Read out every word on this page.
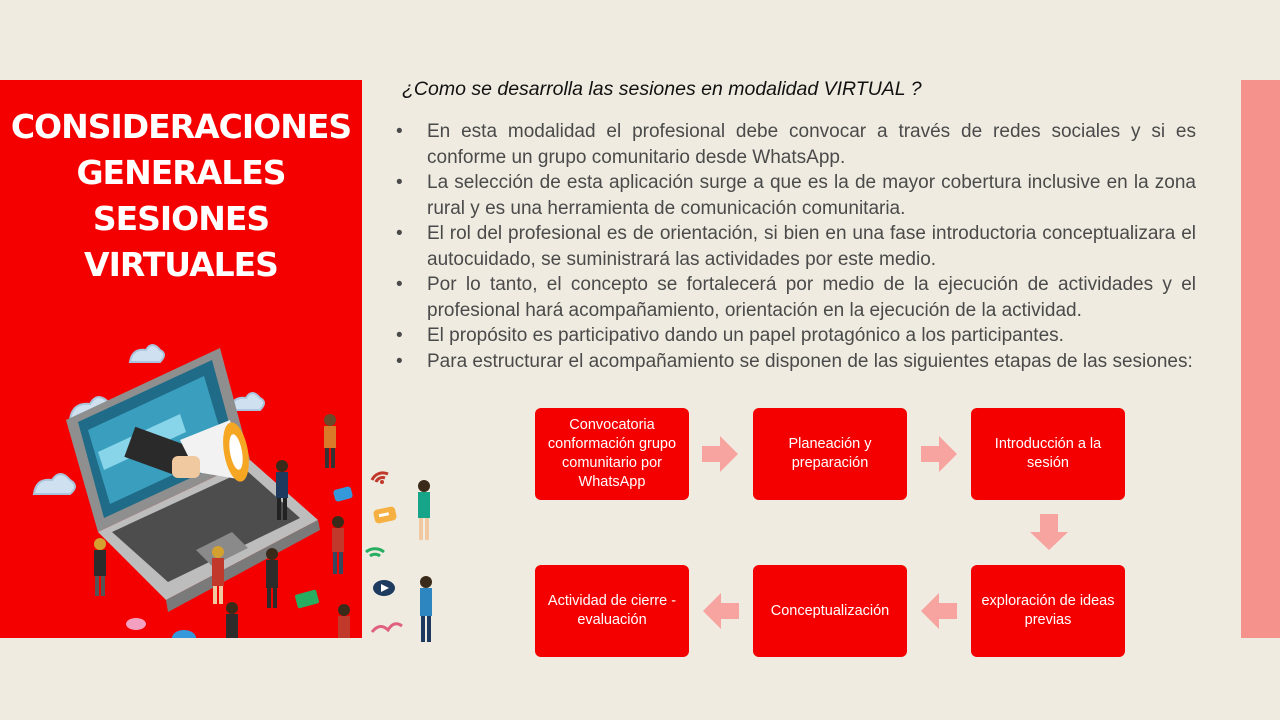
CONSIDERACIONES
GENERALES
SESIONES
VIRTUALES
¿Como se desarrolla las sesiones en modalidad VIRTUAL ?
•	En esta modalidad el profesional debe convocar a través de redes sociales y si es conforme un grupo comunitario desde WhatsApp.
•	La selección de esta aplicación surge a que es la de mayor cobertura inclusive en la zona rural y es una herramienta de comunicación comunitaria.
•	El rol del profesional es de orientación, si bien en una fase introductoria conceptualizara el autocuidado, se suministrará las actividades por este medio.
•	Por lo tanto, el concepto se fortalecerá por medio de la ejecución de actividades y el profesional hará acompañamiento, orientación en la ejecución de la actividad.
•	El propósito es participativo dando un papel protagónico a los participantes.
•	Para estructurar el acompañamiento se disponen de las siguientes etapas de las sesiones:
Convocatoria conformación grupo comunitario por WhatsApp
Planeación y preparación
Introducción a la sesión
exploración de ideas previas
Conceptualización
Actividad de cierre - evaluación
